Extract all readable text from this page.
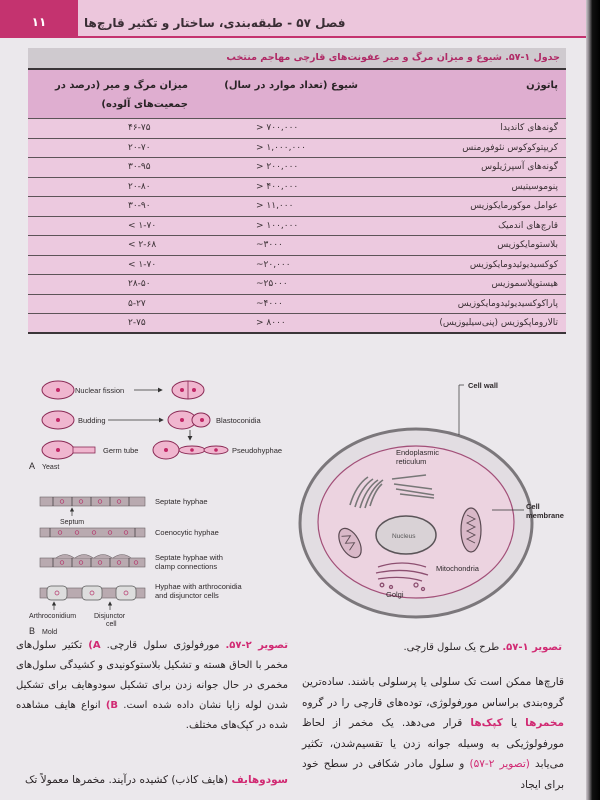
۱۱	فصل ۵۷ - طبقه‌بندی، ساختار و تکثیر قارچ‌ها
جدول ۱-۵۷. شیوع و میزان مرگ و میر عفونت‌های قارچی مهاجم منتخب
پاتوژن	شیوع (تعداد موارد در سال)	میزان مرگ و میر (درصد در جمعیت‌های آلوده)
گونه‌های کاندیدا	> ۷۰۰,۰۰۰	۴۶-۷۵
کریپتوکوکوس نئوفورمنس	> ۱,۰۰۰,۰۰۰	۲۰-۷۰
گونه‌های آسپرژیلوس	> ۲۰۰,۰۰۰	۳۰-۹۵
پنوموسیتیس	> ۴۰۰,۰۰۰	۲۰-۸۰
عوامل موکورمایکوزیس	> ۱۱,۰۰۰	۳۰-۹۰
قارچ‌های اندمیک	> ۱۰۰,۰۰۰	< ۱-۷۰
بلاستومایکوزیس	~۳۰۰۰	< ۲-۶۸
کوکسیدیوئیدومایکوزیس	~۲۰,۰۰۰	< ۱-۷۰
هیستوپلاسموزیس	~۲۵۰۰۰	۲۸-۵۰
پاراکوکسیدیوئیدومایکوزیس	~۴۰۰۰	۵-۲۷
تالاروماپکوزیس (پنی‌سیلیوزیس)	> ۸۰۰۰	۲-۷۵
Nuclear fission
Budding	Blastoconidia
Germ tube	Pseudohyphae
A Yeast
Septate hyphae
Septum
Coenocytic hyphae
Septate hyphae with
clamp connections
Hyphae with arthroconidia
and disjunctor cells
Arthroconidium	Disjunctor
cell
B Mold
Cell wall
Cell
membrane
Endoplasmic
reticulum
Nucleus
Mitochondria
Golgi
تصویر ۱-۵۷. طرح یک سلول قارچی.
تصویر ۲-۵۷. مورفولوژی سلول قارچی. A) تکثیر سلول‌های مخمر با الحاق هسته و تشکیل بلاستوکونیدی و کشیدگی سلول‌های مخمری در حال جوانه زدن برای تشکیل سودوهایف برای تشکیل شدن لوله زایا نشان داده شده است. B) انواع هایف مشاهده شده در کپک‌های مختلف.
قارچ‌ها ممکن است تک سلولی یا پرسلولی باشند. ساده‌ترین گروه‌بندی براساس مورفولوژی، توده‌های قارچی را در گروه مخمرها یا کپک‌ها قرار می‌دهد. یک مخمر از لحاظ مورفولوژیکی به وسیله جوانه زدن یا تقسیم‌شدن، تکثیر می‌یابد (تصویر ۲-۵۷) و سلول مادر شکافی در سطح خود برای ایجاد
سودوهایف (هایف کاذب) کشیده درآیند. مخمرها معمولاً تک
